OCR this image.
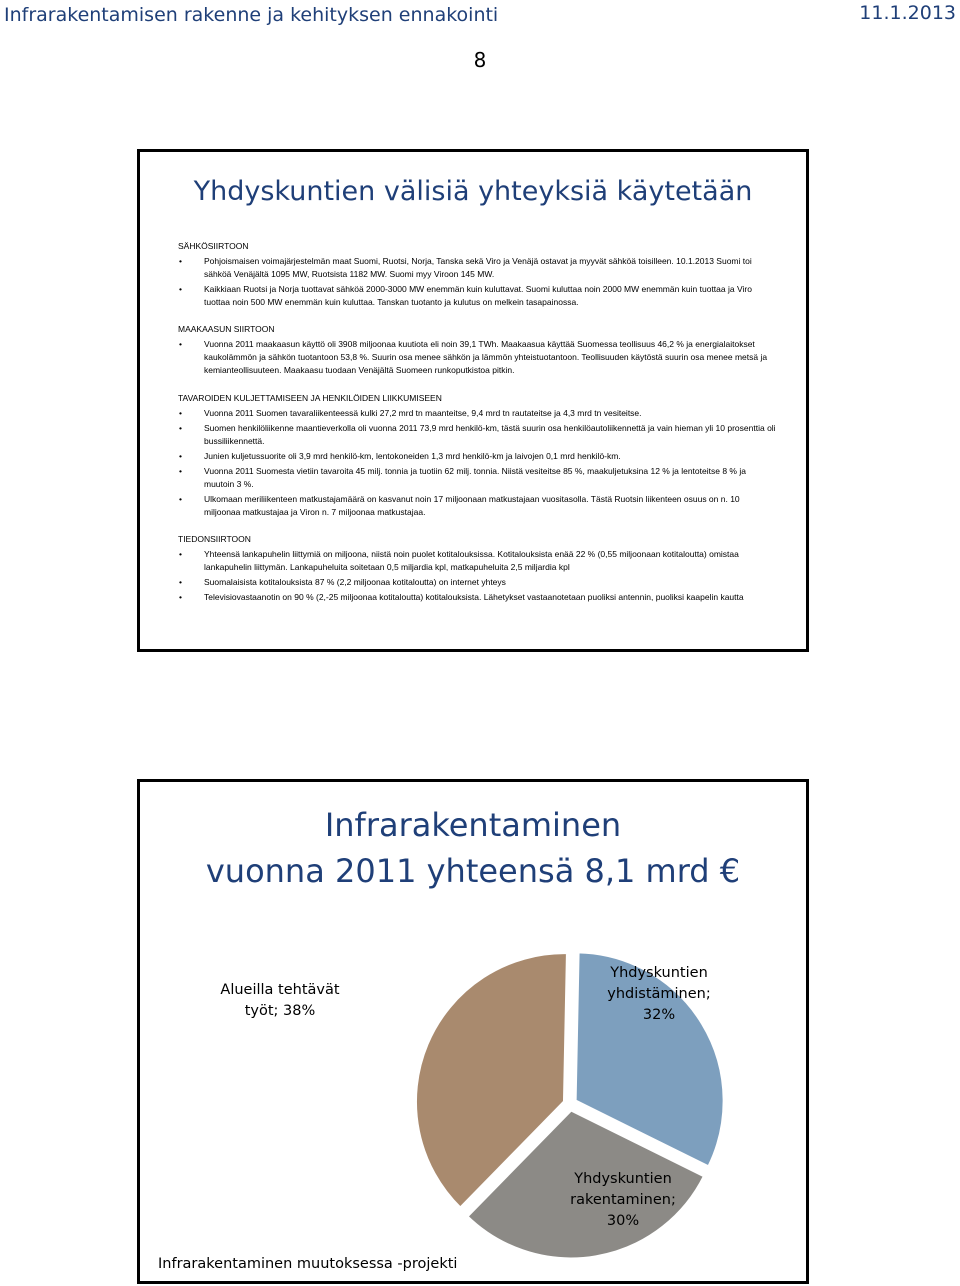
Infrarakentamisen rakenne ja kehityksen ennakointi	11.1.2013
8
Yhdyskuntien välisiä yhteyksiä käytetään
SÄHKÖSIIRTOON
• Pohjoismaisen voimajärjestelmän maat Suomi, Ruotsi, Norja, Tanska sekä Viro ja Venäjä ostavat ja myyvät sähköä toisilleen. 10.1.2013 Suomi toi sähköä Venäjältä 1095 MW, Ruotsista 1182 MW. Suomi myy Viroon 145 MW.
• Kaikkiaan Ruotsi ja Norja tuottavat sähköä 2000-3000 MW enemmän kuin kuluttavat. Suomi kuluttaa noin 2000 MW enemmän kuin tuottaa ja Viro tuottaa noin 500 MW enemmän kuin kuluttaa. Tanskan tuotanto ja kulutus on melkein tasapainossa.
MAAKAASUN SIIRTOON
• Vuonna 2011 maakaasun käyttö oli 3908 miljoonaa kuutiota eli noin 39,1 TWh. Maakaasua käyttää Suomessa teollisuus 46,2 % ja energialaitokset kaukolämmön ja sähkön tuotantoon 53,8 %. Suurin osa menee sähkön ja lämmön yhteistuotantoon. Teollisuuden käytöstä suurin osa menee metsä ja kemianteollisuuteen. Maakaasu tuodaan Venäjältä Suomeen runkoputkistoa pitkin.
TAVAROIDEN KULJETTAMISEEN JA HENKILÖIDEN LIIKKUMISEEN
• Vuonna 2011 Suomen tavaraliikenteessä kulki 27,2 mrd tn maanteitse, 9,4 mrd tn rautateitse ja 4,3 mrd tn vesiteitse.
• Suomen henkilöliikenne maantieverkolla oli vuonna 2011 73,9 mrd henkilö-km, tästä suurin osa henkilöautoliikennettä ja vain hieman yli 10 prosenttia oli bussiliikennettä.
• Junien kuljetussuorite oli 3,9 mrd henkilö-km, lentokoneiden 1,3 mrd henkilö-km ja laivojen 0,1 mrd henkilö-km.
• Vuonna 2011 Suomesta vietiin tavaroita 45 milj. tonnia ja tuotiin 62 milj. tonnia. Niistä vesiteitse 85 %, maakuljetuksina 12 % ja lentoteitse 8 % ja muutoin 3 %.
• Ulkomaan meriliikenteen matkustajamäärä on kasvanut noin 17 miljoonaan matkustajaan vuositasolla. Tästä Ruotsin liikenteen osuus on n. 10 miljoonaa matkustajaa ja Viron n. 7 miljoonaa matkustajaa.
TIEDONSIIRTOON
• Yhteensä lankapuhelin liittymiä on miljoona, niistä noin puolet kotitalouksissa. Kotitalouksista enää 22 % (0,55 miljoonaan kotitaloutta) omistaa lankapuhelin liittymän. Lankapuheluita soitetaan 0,5 miljardia kpl, matkapuheluita 2,5 miljardia kpl
• Suomalaisista kotitalouksista 87 % (2,2 miljoonaa kotitaloutta) on internet yhteys
• Televisiovastaanotin on 90 % (2,-25 miljoonaa kotitaloutta) kotitalouksista. Lähetykset vastaanotetaan puoliksi antennin, puoliksi kaapelin kautta
Infrarakentaminen
vuonna 2011 yhteensä 8,1 mrd €
Alueilla tehtävät
työt; 38%
Yhdyskuntien
yhdistäminen;
32%
Yhdyskuntien
rakentaminen;
30%
Infrarakentaminen muutoksessa -projekti
